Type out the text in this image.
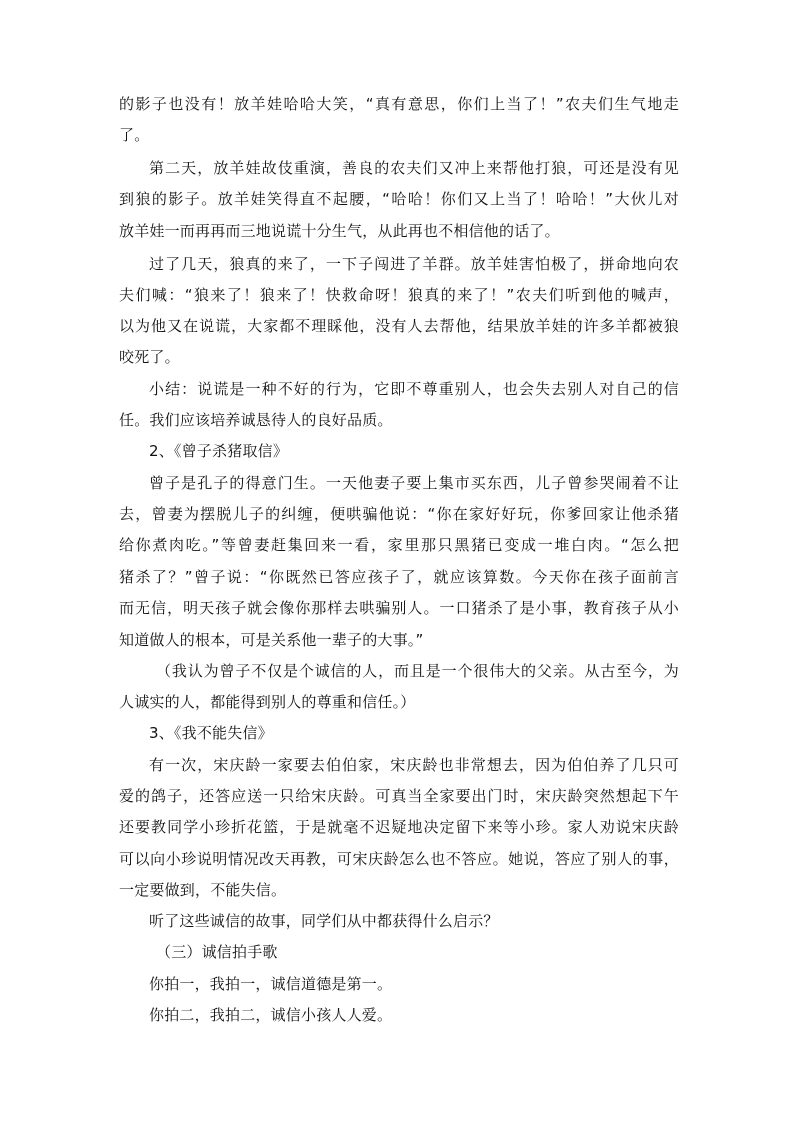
的影子也没有！放羊娃哈哈大笑，“真有意思，你们上当了！”农夫们生气地走
了。
第二天，放羊娃故伎重演，善良的农夫们又冲上来帮他打狼，可还是没有见
到狼的影子。放羊娃笑得直不起腰，“哈哈！你们又上当了！哈哈！”大伙儿对
放羊娃一而再再而三地说谎十分生气，从此再也不相信他的话了。
过了几天，狼真的来了，一下子闯进了羊群。放羊娃害怕极了，拼命地向农
夫们喊：“狼来了！狼来了！快救命呀！狼真的来了！”农夫们听到他的喊声，
以为他又在说谎，大家都不理睬他，没有人去帮他，结果放羊娃的许多羊都被狼
咬死了。
小结：说谎是一种不好的行为，它即不尊重别人，也会失去别人对自己的信
任。我们应该培养诚恳待人的良好品质。
2、《曾子杀猪取信》
曾子是孔子的得意门生。一天他妻子要上集市买东西，儿子曾参哭闹着不让
去，曾妻为摆脱儿子的纠缠，便哄骗他说：“你在家好好玩，你爹回家让他杀猪
给你煮肉吃。”等曾妻赶集回来一看，家里那只黑猪已变成一堆白肉。“怎么把
猪杀了？”曾子说：“你既然已答应孩子了，就应该算数。今天你在孩子面前言
而无信，明天孩子就会像你那样去哄骗别人。一口猪杀了是小事，教育孩子从小
知道做人的根本，可是关系他一辈子的大事。”
（我认为曾子不仅是个诚信的人，而且是一个很伟大的父亲。从古至今，为
人诚实的人，都能得到别人的尊重和信任。）
3、《我不能失信》
有一次，宋庆龄一家要去伯伯家，宋庆龄也非常想去，因为伯伯养了几只可
爱的鸽子，还答应送一只给宋庆龄。可真当全家要出门时，宋庆龄突然想起下午
还要教同学小珍折花篮，于是就毫不迟疑地决定留下来等小珍。家人劝说宋庆龄
可以向小珍说明情况改天再教，可宋庆龄怎么也不答应。她说，答应了别人的事，
一定要做到，不能失信。
听了这些诚信的故事，同学们从中都获得什么启示？
（三）诚信拍手歌
你拍一，我拍一，诚信道德是第一。
你拍二，我拍二，诚信小孩人人爱。
